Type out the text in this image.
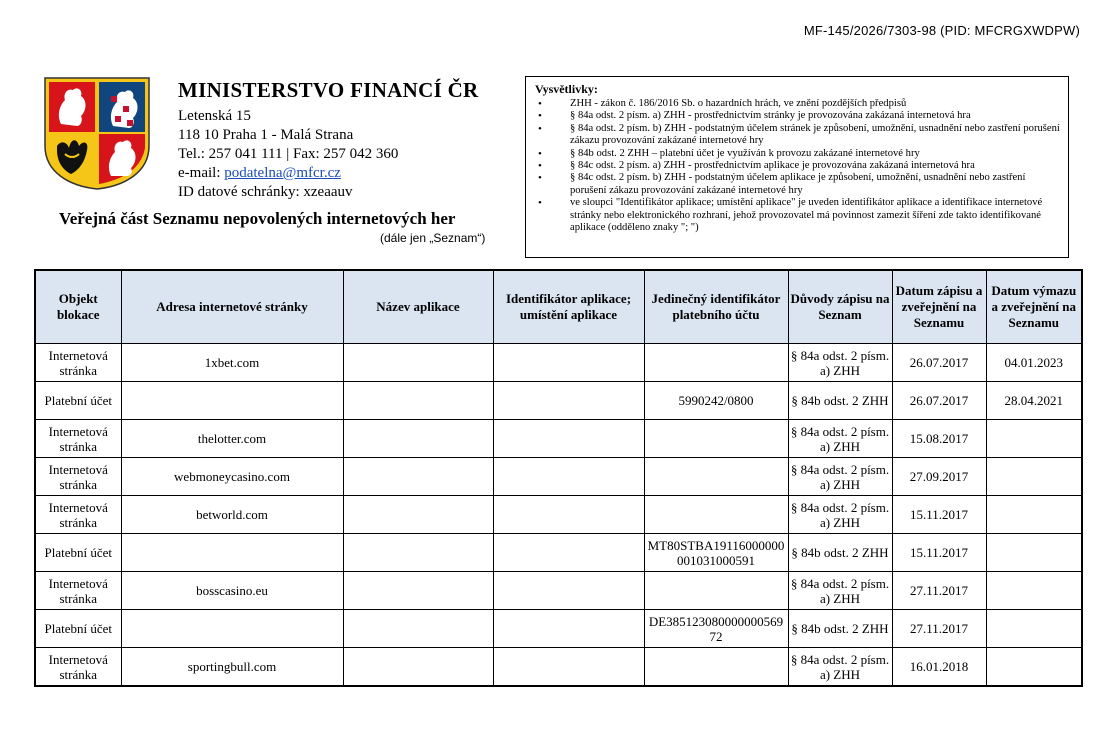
MF-145/2026/7303-98 (PID: MFCRGXWDPW)
MINISTERSTVO FINANCÍ ČR
Letenská 15
118 10 Praha 1 - Malá Strana
Tel.: 257 041 111 | Fax: 257 042 360
e-mail: podatelna@mfcr.cz
ID datové schránky: xzeaauv
Veřejná část Seznamu nepovolených internetových her
(dále jen „Seznam“)
Vysvětlivky:
• ZHH - zákon č. 186/2016 Sb. o hazardních hrách, ve znění pozdějších předpisů
• § 84a odst. 2 písm. a) ZHH - prostřednictvím stránky je provozována zakázaná internetová hra
• § 84a odst. 2 písm. b) ZHH - podstatným účelem stránek je způsobení, umožnění, usnadnění nebo zastření porušení zákazu provozování zakázané internetové hry
• § 84b odst. 2 ZHH – platební účet je využíván k provozu zakázané internetové hry
• § 84c odst. 2 písm. a) ZHH - prostřednictvím aplikace je provozována zakázaná internetová hra
• § 84c odst. 2 písm. b) ZHH - podstatným účelem aplikace je způsobení, umožnění, usnadnění nebo zastření porušení zákazu provozování zakázané internetové hry
• ve sloupci "Identifikátor aplikace; umístění aplikace" je uveden identifikátor aplikace a identifikace internetové stránky nebo elektronického rozhraní, jehož provozovatel má povinnost zamezit šíření zde takto identifikované aplikace (odděleno znaky "; ")
Objekt blokace	Adresa internetové stránky	Název aplikace	Identifikátor aplikace; umístění aplikace	Jedinečný identifikátor platebního účtu	Důvody zápisu na Seznam	Datum zápisu a zveřejnění na Seznamu	Datum výmazu a zveřejnění na Seznamu
Internetová stránka	1xbet.com				§ 84a odst. 2 písm. a) ZHH	26.07.2017	04.01.2023
Platební účet				5990242/0800	§ 84b odst. 2 ZHH	26.07.2017	28.04.2021
Internetová stránka	thelotter.com				§ 84a odst. 2 písm. a) ZHH	15.08.2017	
Internetová stránka	webmoneycasino.com				§ 84a odst. 2 písm. a) ZHH	27.09.2017	
Internetová stránka	betworld.com				§ 84a odst. 2 písm. a) ZHH	15.11.2017	
Platební účet				MT80STBA19116000000001031000591	§ 84b odst. 2 ZHH	15.11.2017	
Internetová stránka	bosscasino.eu				§ 84a odst. 2 písm. a) ZHH	27.11.2017	
Platební účet				DE38512308000000056972	§ 84b odst. 2 ZHH	27.11.2017	
Internetová stránka	sportingbull.com				§ 84a odst. 2 písm. a) ZHH	16.01.2018	
